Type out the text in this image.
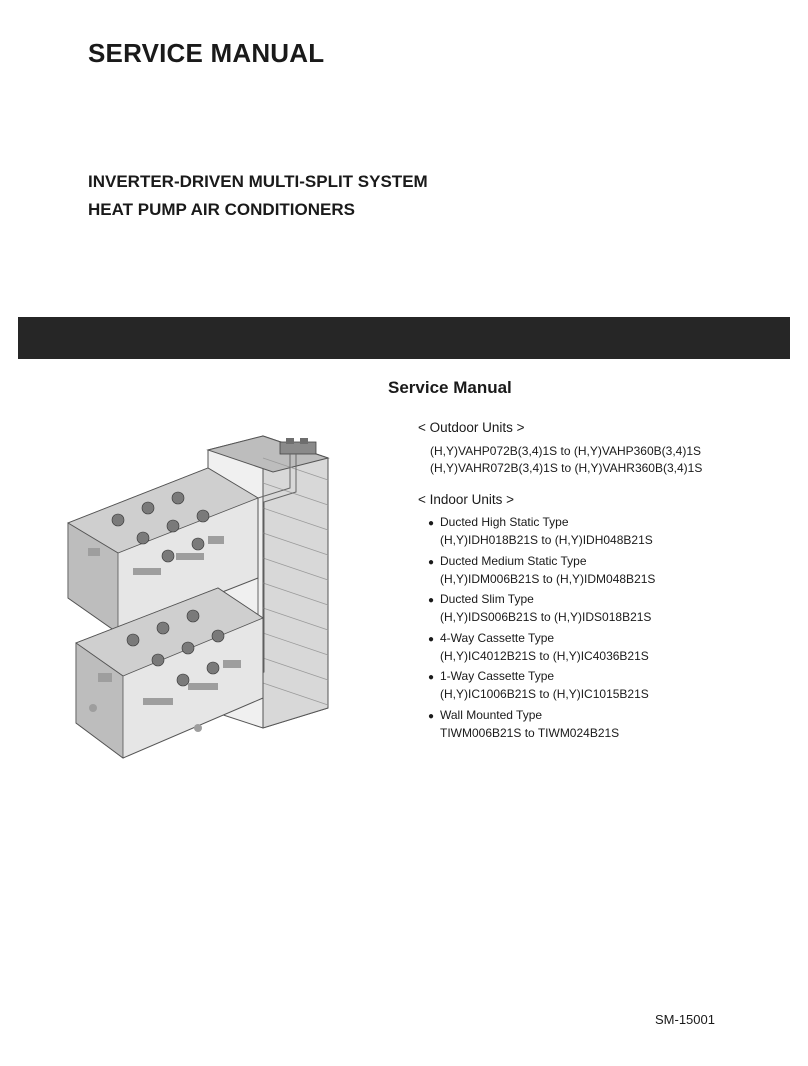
SERVICE MANUAL
INVERTER-DRIVEN MULTI-SPLIT SYSTEM
HEAT PUMP AIR CONDITIONERS
Service Manual

< Outdoor Units >

(H,Y)VAHP072B(3,4)1S to (H,Y)VAHP360B(3,4)1S

(H,Y)VAHR072B(3,4)1S to (H,Y)VAHR360B(3,4)1S

< Indoor Units >

● Ducted High Static Type
(H,Y)IDH018B21S to (H,Y)IDH048B21S
● Ducted Medium Static Type
(H,Y)IDM006B21S to (H,Y)IDM048B21S
● Ducted Slim Type
(H,Y)IDS006B21S to (H,Y)IDS018B21S
● 4-Way Cassette Type
(H,Y)IC4012B21S to (H,Y)IC4036B21S
● 1-Way Cassette Type
(H,Y)IC1006B21S to (H,Y)IC1015B21S
● Wall Mounted Type
TIWM006B21S to TIWM024B21S

SM-15001
